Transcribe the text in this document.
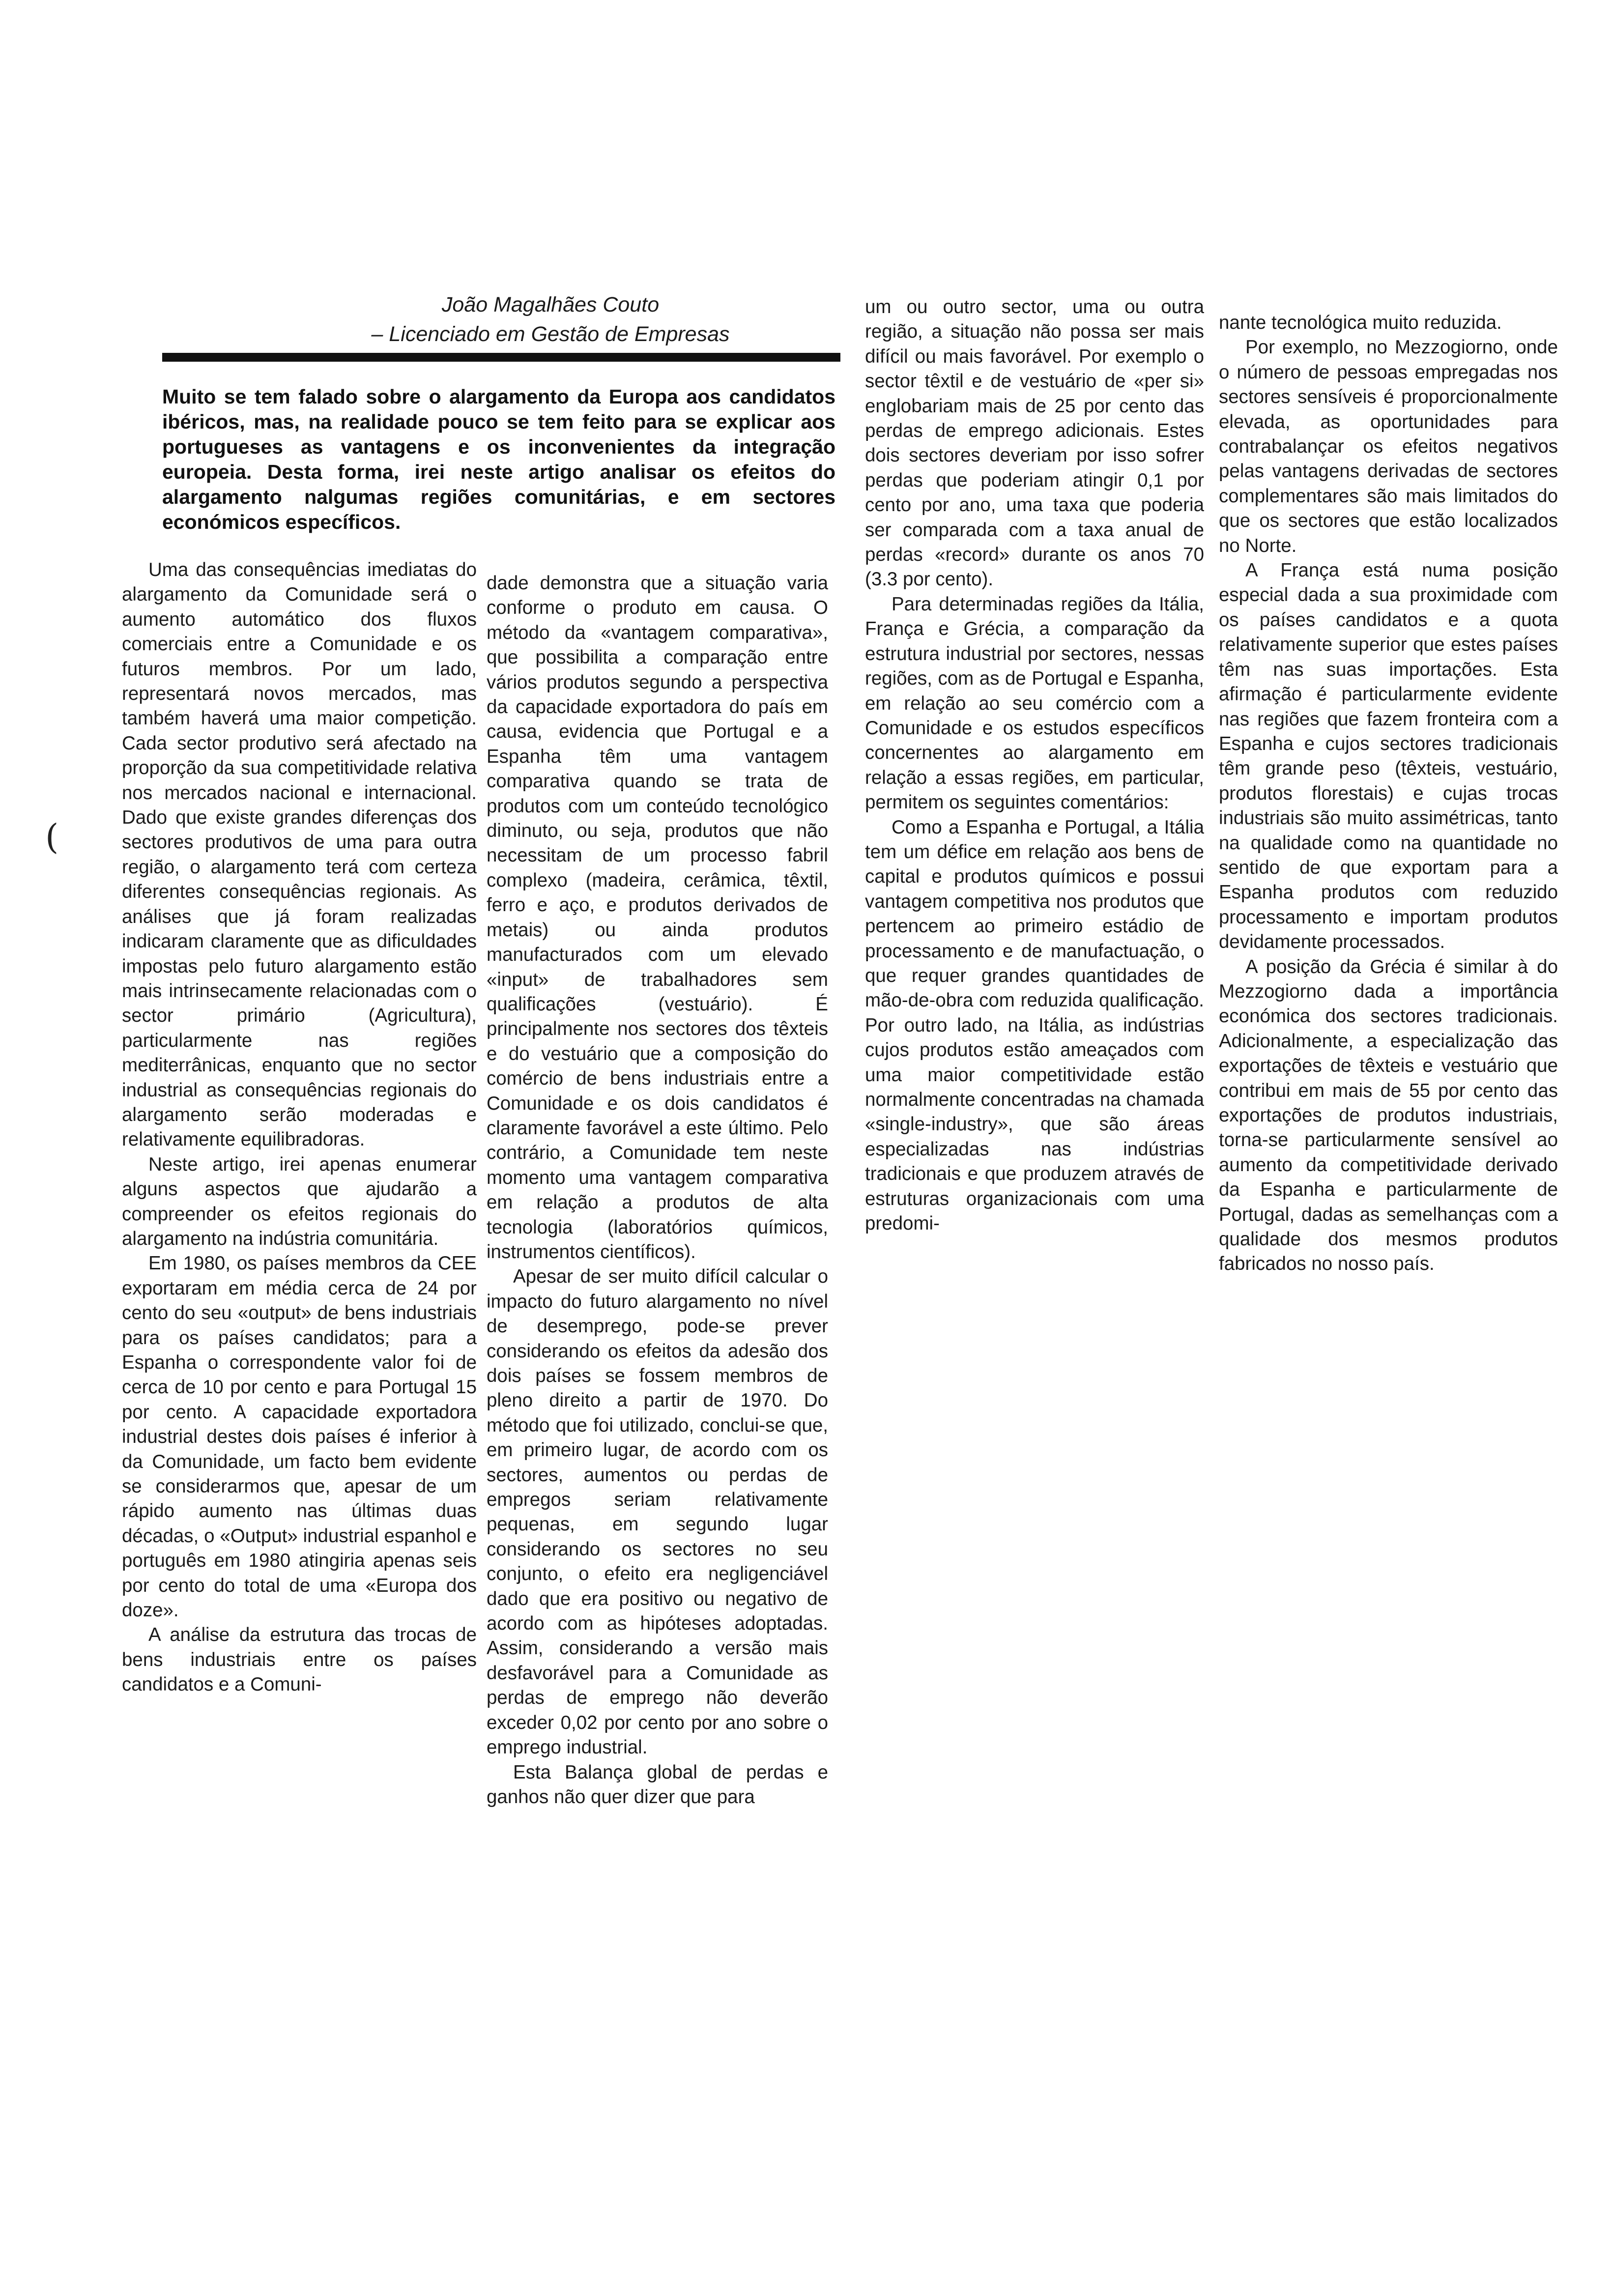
João Magalhães Couto
– Licenciado em Gestão de Empresas
Muito se tem falado sobre o alargamento da Europa aos candidatos ibéricos, mas, na realidade pouco se tem feito para se explicar aos portugueses as vantagens e os inconvenientes da integração europeia. Desta forma, irei neste artigo analisar os efeitos do alargamento nalgumas regiões comunitárias, e em sectores económicos específicos.
(

Uma das consequências imediatas do alargamento da Comunidade será o aumento automático dos fluxos comerciais entre a Comunidade e os futuros membros. Por um lado, representará novos mercados, mas também haverá uma maior competição. Cada sector produtivo será afectado na proporção da sua competitividade relativa nos mercados nacional e internacional. Dado que existe grandes diferenças dos sectores produtivos de uma para outra região, o alargamento terá com certeza diferentes consequências regionais. As análises que já foram realizadas indicaram claramente que as dificuldades impostas pelo futuro alargamento estão mais intrinsecamente relacionadas com o sector primário (Agricultura), particularmente nas regiões mediterrânicas, enquanto que no sector industrial as consequências regionais do alargamento serão moderadas e relativamente equilibradoras.

Neste artigo, irei apenas enumerar alguns aspectos que ajudarão a compreender os efeitos regionais do alargamento na indústria comunitária.

Em 1980, os países membros da CEE exportaram em média cerca de 24 por cento do seu «output» de bens industriais para os países candidatos; para a Espanha o correspondente valor foi de cerca de 10 por cento e para Portugal 15 por cento. A capacidade exportadora industrial destes dois países é inferior à da Comunidade, um facto bem evidente se considerarmos que, apesar de um rápido aumento nas últimas duas décadas, o «Output» industrial espanhol e português em 1980 atingiria apenas seis por cento do total de uma «Europa dos doze».

A análise da estrutura das trocas de bens industriais entre os países candidatos e a Comuni-

dade demonstra que a situação varia conforme o produto em causa. O método da «vantagem comparativa», que possibilita a comparação entre vários produtos segundo a perspectiva da capacidade exportadora do país em causa, evidencia que Portugal e a Espanha têm uma vantagem comparativa quando se trata de produtos com um conteúdo tecnológico diminuto, ou seja, produtos que não necessitam de um processo fabril complexo (madeira, cerâmica, têxtil, ferro e aço, e produtos derivados de metais) ou ainda produtos manufacturados com um elevado «input» de trabalhadores sem qualificações (vestuário). É principalmente nos sectores dos têxteis e do vestuário que a composição do comércio de bens industriais entre a Comunidade e os dois candidatos é claramente favorável a este último. Pelo contrário, a Comunidade tem neste momento uma vantagem comparativa em relação a produtos de alta tecnologia (laboratórios químicos, instrumentos científicos).

Apesar de ser muito difícil calcular o impacto do futuro alargamento no nível de desemprego, pode-se prever considerando os efeitos da adesão dos dois países se fossem membros de pleno direito a partir de 1970. Do método que foi utilizado, conclui-se que, em primeiro lugar, de acordo com os sectores, aumentos ou perdas de empregos seriam relativamente pequenas, em segundo lugar considerando os sectores no seu conjunto, o efeito era negligenciável dado que era positivo ou negativo de acordo com as hipóteses adoptadas. Assim, considerando a versão mais desfavorável para a Comunidade as perdas de emprego não deverão exceder 0,02 por cento por ano sobre o emprego industrial.

Esta Balança global de perdas e ganhos não quer dizer que para

um ou outro sector, uma ou outra região, a situação não possa ser mais difícil ou mais favorável. Por exemplo o sector têxtil e de vestuário de «per si» englobariam mais de 25 por cento das perdas de emprego adicionais. Estes dois sectores deveriam por isso sofrer perdas que poderiam atingir 0,1 por cento por ano, uma taxa que poderia ser comparada com a taxa anual de perdas «record» durante os anos 70 (3.3 por cento).

Para determinadas regiões da Itália, França e Grécia, a comparação da estrutura industrial por sectores, nessas regiões, com as de Portugal e Espanha, em relação ao seu comércio com a Comunidade e os estudos específicos concernentes ao alargamento em relação a essas regiões, em particular, permitem os seguintes comentários:

Como a Espanha e Portugal, a Itália tem um défice em relação aos bens de capital e produtos químicos e possui vantagem competitiva nos produtos que pertencem ao primeiro estádio de processamento e de manufactuação, o que requer grandes quantidades de mão-de-obra com reduzida qualificação. Por outro lado, na Itália, as indústrias cujos produtos estão ameaçados com uma maior competitividade estão normalmente concentradas na chamada «single-industry», que são áreas especializadas nas indústrias tradicionais e que produzem através de estruturas organizacionais com uma predomi-

nante tecnológica muito reduzida.

Por exemplo, no Mezzogiorno, onde o número de pessoas empregadas nos sectores sensíveis é proporcionalmente elevada, as oportunidades para contrabalançar os efeitos negativos pelas vantagens derivadas de sectores complementares são mais limitados do que os sectores que estão localizados no Norte.

A França está numa posição especial dada a sua proximidade com os países candidatos e a quota relativamente superior que estes países têm nas suas importações. Esta afirmação é particularmente evidente nas regiões que fazem fronteira com a Espanha e cujos sectores tradicionais têm grande peso (têxteis, vestuário, produtos florestais) e cujas trocas industriais são muito assimétricas, tanto na qualidade como na quantidade no sentido de que exportam para a Espanha produtos com reduzido processamento e importam produtos devidamente processados.

A posição da Grécia é similar à do Mezzogiorno dada a importância económica dos sectores tradicionais. Adicionalmente, a especialização das exportações de têxteis e vestuário que contribui em mais de 55 por cento das exportações de produtos industriais, torna-se particularmente sensível ao aumento da competitividade derivado da Espanha e particularmente de Portugal, dadas as semelhanças com a qualidade dos mesmos produtos fabricados no nosso país.
